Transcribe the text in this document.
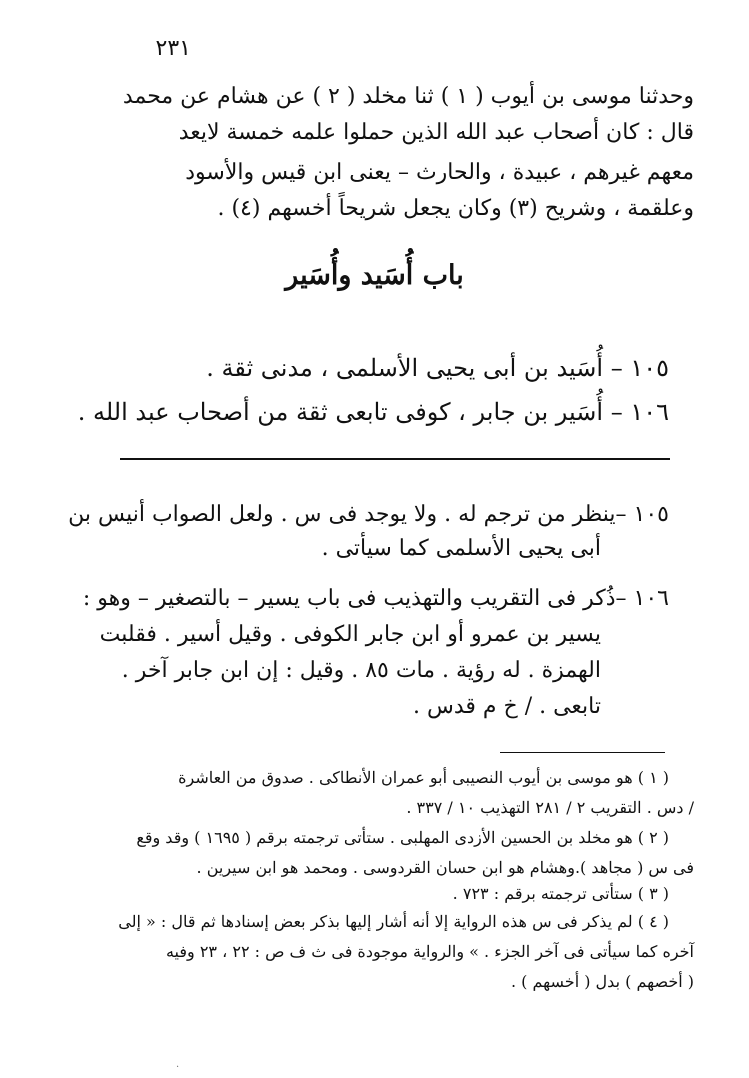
٢٣١
وحدثنا موسى بن أيوب ( ١ ) ثنا مخلد ( ٢ ) عن هشام عن محمد
قال : كان أصحاب عبد الله الذين حملوا علمه خمسة لايعد
معهم غيرهم ، عبيدة ، والحارث – يعنى ابن قيس والأسود
وعلقمة ، وشريح (٣) وكان يجعل شريحاً أخسهم (٤) .
باب أُسَيد وأُسَير
١٠٥ – أُسَيد بن أبى يحيى الأسلمى ، مدنى ثقة .
١٠٦ – أُسَير بن جابر ، كوفى تابعى ثقة من أصحاب عبد الله .
١٠٥ –ينظر من ترجم له . ولا يوجد فى س . ولعل الصواب أنيس بن
أبى يحيى الأسلمى كما سيأتى .
١٠٦ –ذُكر فى التقريب والتهذيب فى باب يسير – بالتصغير – وهو :
يسير بن عمرو أو ابن جابر الكوفى . وقيل أسير . فقلبت
الهمزة . له رؤية . مات ٨٥ . وقيل : إن ابن جابر آخر .
تابعى . / خ م قدس .
( ١ ) هو موسى بن أيوب النصيبى أبو عمران الأنطاكى . صدوق من العاشرة
/ دس . التقريب ٢ / ٢٨١ التهذيب ١٠ / ٣٣٧ .
( ٢ ) هو مخلد بن الحسين الأزدى المهلبى . ستأتى ترجمته برقم ( ١٦٩٥ ) وقد وقع
فى س ( مجاهد ).وهشام هو ابن حسان القردوسى . ومحمد هو ابن سيرين .
( ٣ ) ستأتى ترجمته برقم : ٧٢٣ .
( ٤ ) لم يذكر فى س هذه الرواية إلا أنه أشار إليها بذكر بعض إسنادها ثم قال : « إلى
آخره كما سيأتى فى آخر الجزء . » والرواية موجودة فى ث ف ص : ٢٢ ، ٢٣ وفيه
( أخصهم ) بدل ( أخسهم ) .
·
